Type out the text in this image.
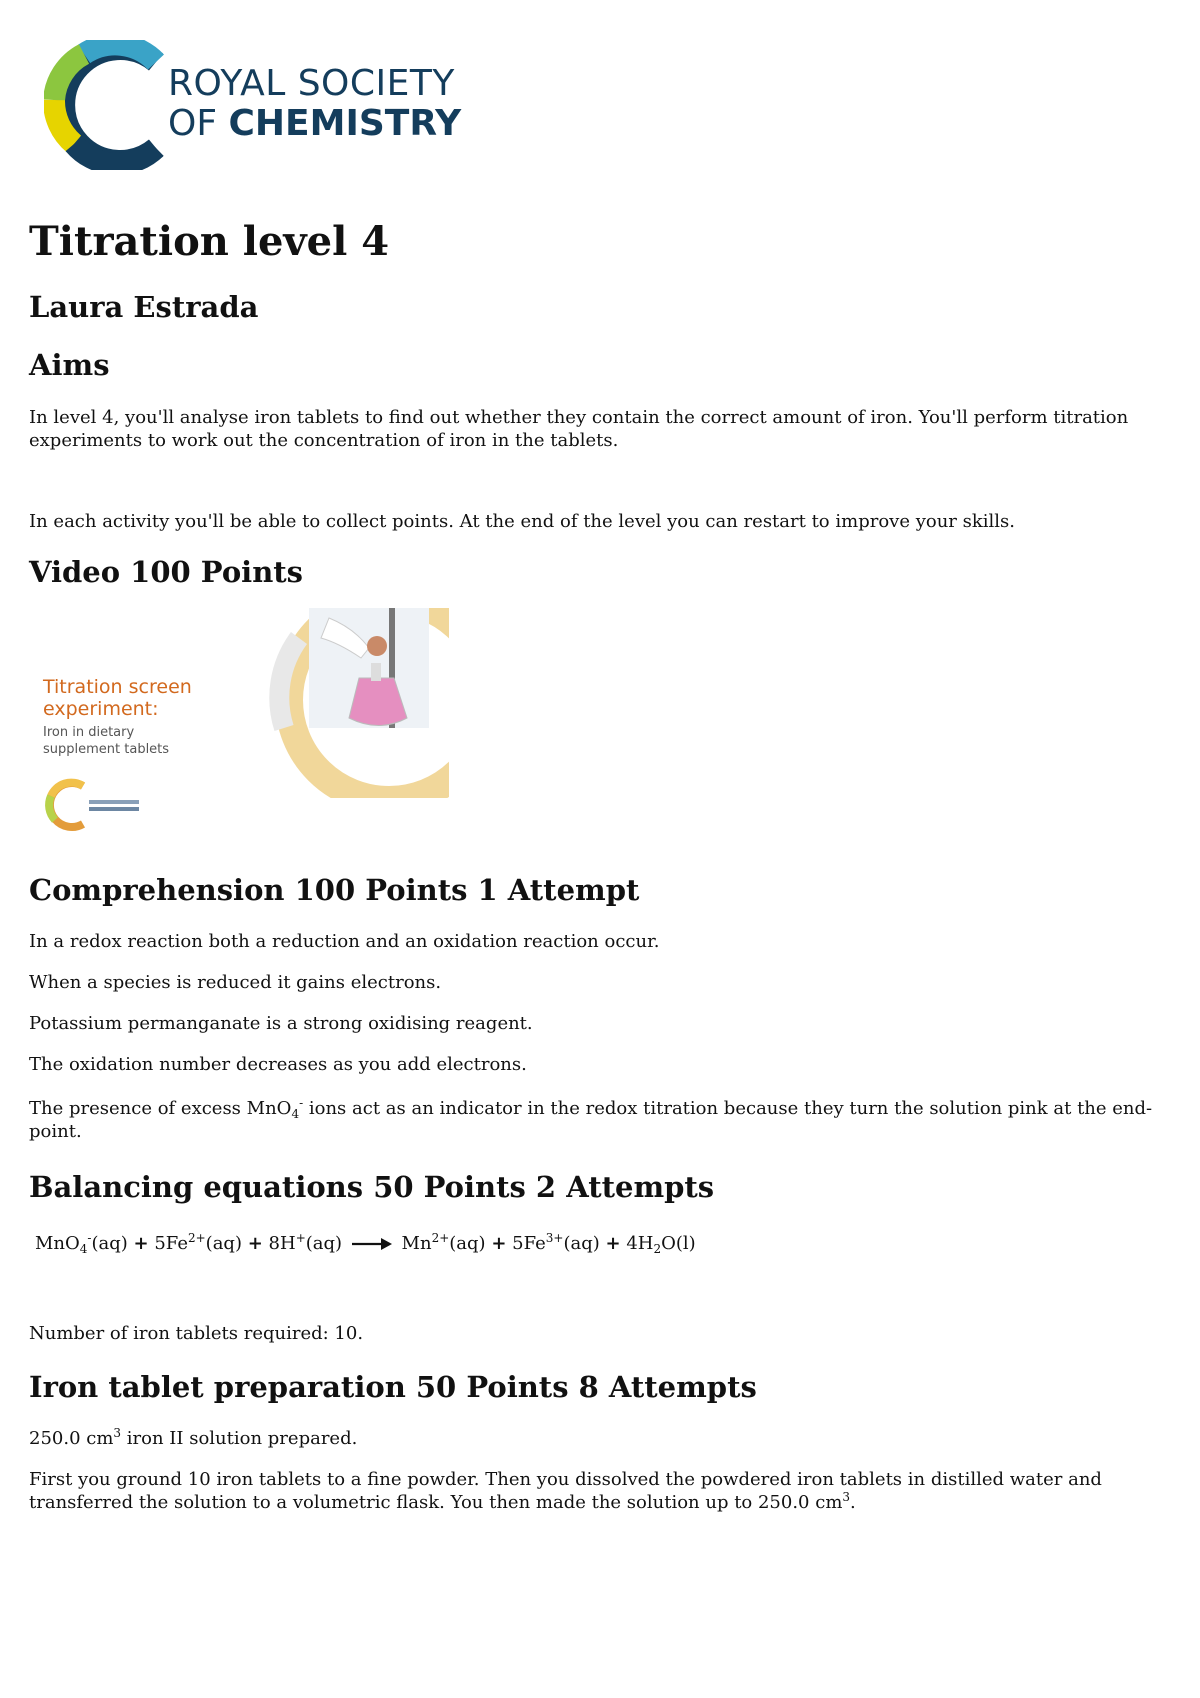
ROYAL SOCIETY
OF CHEMISTRY
Titration level 4
Laura Estrada
Aims

In level 4, you'll analyse iron tablets to find out whether they contain the correct amount of iron. You'll perform titration experiments to work out the concentration of iron in the tablets.

In each activity you'll be able to collect points. At the end of the level you can restart to improve your skills.

Video 100 Points
Titration screen
experiment:
Iron in dietary
supplement tablets
Comprehension 100 Points 1 Attempt

In a redox reaction both a reduction and an oxidation reaction occur.

When a species is reduced it gains electrons.

Potassium permanganate is a strong oxidising reagent.

The oxidation number decreases as you add electrons.

The presence of excess MnO$_4$- ions act as an indicator in the redox titration because they turn the solution pink at the end-point.

Balancing equations 50 Points 2 Attempts
$MnO_4^-(aq) + 5Fe^{2+}(aq) + 8H^+(aq) \to Mn^{2+}(aq) + 5Fe^{3+}(aq) + 4H_2O(l)$

Number of iron tablets required: 10.

Iron tablet preparation 50 Points 8 Attempts

250.0 $cm^3$ iron II solution prepared.

First you ground 10 iron tablets to a fine powder. Then you dissolved the powdered iron tablets in distilled water and transferred the solution to a volumetric flask. You then made the solution up to 250.0 $cm^3$.
